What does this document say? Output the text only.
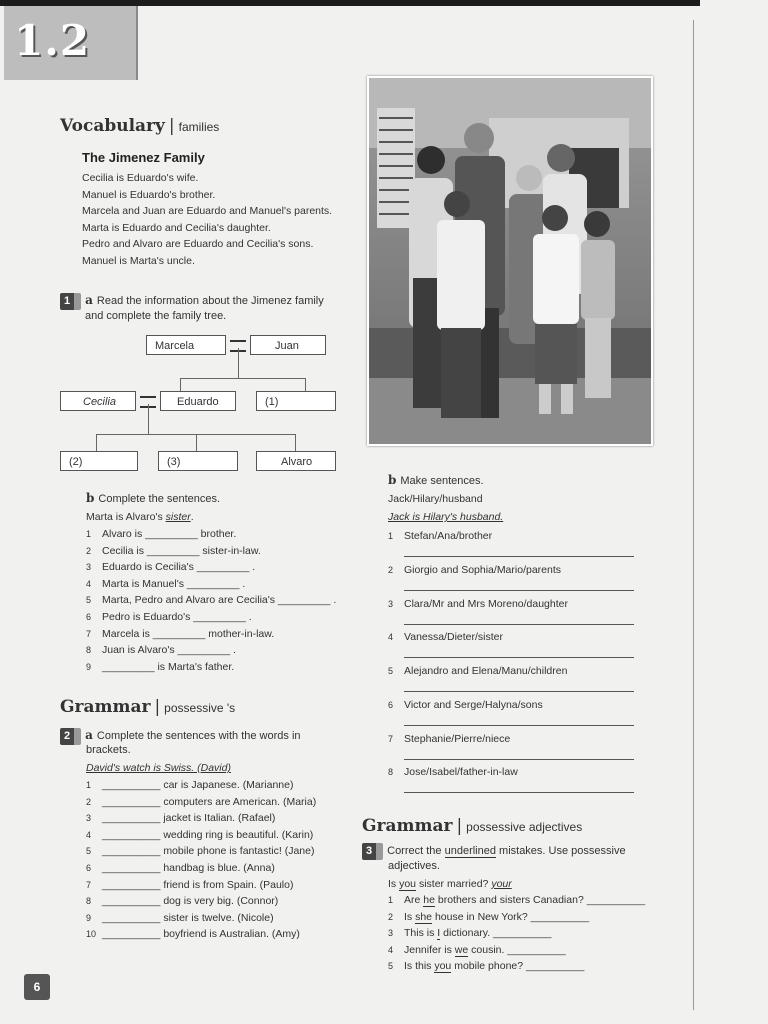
1.2
Vocabulary | families
The Jimenez Family
Cecilia is Eduardo's wife.
Manuel is Eduardo's brother.
Marcela and Juan are Eduardo and Manuel's parents.
Marta is Eduardo and Cecilia's daughter.
Pedro and Alvaro are Eduardo and Cecilia's sons.
Manuel is Marta's uncle.
1 a Read the information about the Jimenez family
and complete the family tree.
Marcela	Juan
Cecilia	Eduardo	(1)
(2)	(3)	Alvaro
b Complete the sentences.
Marta is Alvaro's sister.
1 Alvaro is _________ brother.
2 Cecilia is _________ sister-in-law.
3 Eduardo is Cecilia's _________ .
4 Marta is Manuel's _________ .
5 Marta, Pedro and Alvaro are Cecilia's _________ .
6 Pedro is Eduardo's _________ .
7 Marcela is _________ mother-in-law.
8 Juan is Alvaro's _________ .
9 _________ is Marta's father.
Grammar | possessive 's
2 a Complete the sentences with the words in
brackets.
David's watch is Swiss. (David)
1 __________ car is Japanese. (Marianne)
2 __________ computers are American. (Maria)
3 __________ jacket is Italian. (Rafael)
4 __________ wedding ring is beautiful. (Karin)
5 __________ mobile phone is fantastic! (Jane)
6 __________ handbag is blue. (Anna)
7 __________ friend is from Spain. (Paulo)
8 __________ dog is very big. (Connor)
9 __________ sister is twelve. (Nicole)
10 __________ boyfriend is Australian. (Amy)
b Make sentences.
Jack/Hilary/husband
Jack is Hilary's husband.
1 Stefan/Ana/brother
2 Giorgio and Sophia/Mario/parents
3 Clara/Mr and Mrs Moreno/daughter
4 Vanessa/Dieter/sister
5 Alejandro and Elena/Manu/children
6 Victor and Serge/Halyna/sons
7 Stephanie/Pierre/niece
8 Jose/Isabel/father-in-law
Grammar | possessive adjectives
3 Correct the underlined mistakes. Use possessive
adjectives.
Is you sister married? your
1 Are he brothers and sisters Canadian? __________
2 Is she house in New York? __________
3 This is I dictionary. __________
4 Jennifer is we cousin. __________
5 Is this you mobile phone? __________
6
